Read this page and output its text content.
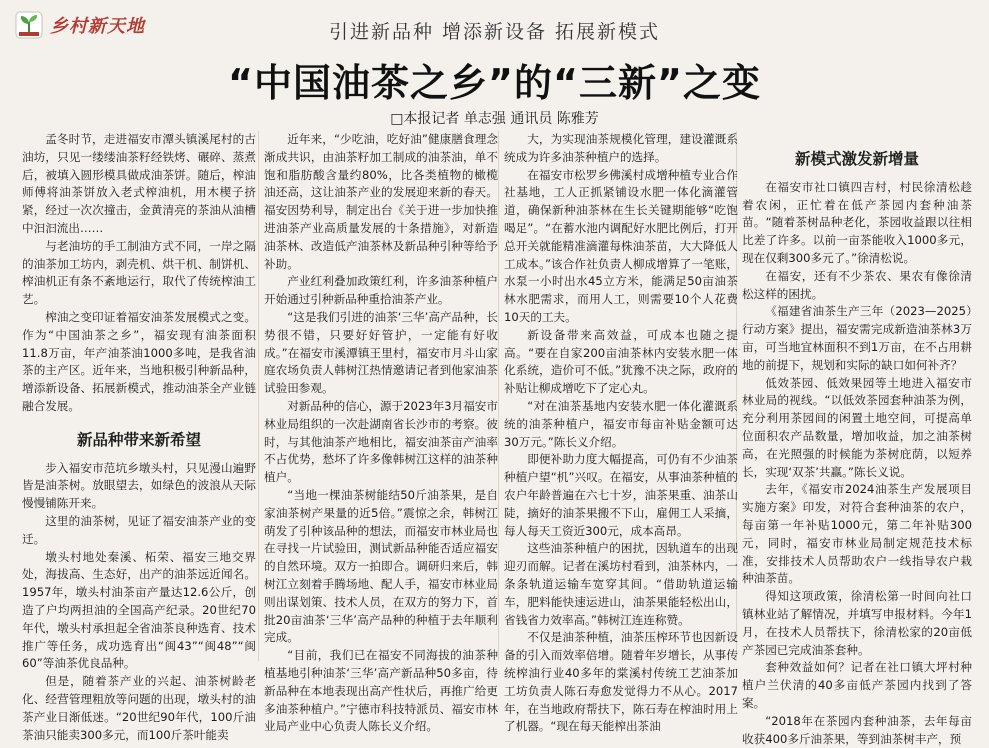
乡村新天地	引进新品种 增添新设备 拓展新模式
“中国油茶之乡”的“三新”之变
□本报记者 单志强 通讯员 陈雅芳

孟冬时节，走进福安市潭头镇溪尾村的古油坊，只见一缕缕油茶籽经铁烤、碾碎、蒸煮后，被填入圆形模具做成油茶饼。随后，榨油师傅将油茶饼放入老式榨油机，用木楔子挤紧，经过一次次撞击，金黄清亮的茶油从油槽中汩汩流出……

与老油坊的手工制油方式不同，一岸之隔的油茶加工坊内，剥壳机、烘干机、制饼机、榨油机正有条不紊地运行，取代了传统榨油工艺。

榨油之变印证着福安油茶发展模式之变。作为“中国油茶之乡”，福安现有油茶面积11.8万亩，年产油茶油1000多吨，是我省油茶的主产区。近年来，当地积极引种新品种，增添新设备、拓展新模式，推动油茶全产业链融合发展。

新品种带来新希望

步入福安市范坑乡墩头村，只见漫山遍野皆是油茶树。放眼望去，如绿色的波浪从天际慢慢铺陈开来。

这里的油茶树，见证了福安油茶产业的变迁。

墩头村地处秦溪、柘荣、福安三地交界处，海拔高、生态好，出产的油茶远近闻名。1957年，墩头村油茶亩产量达12.6公斤，创造了户均两担油的全国高产纪录。20世纪70年代，墩头村承担起全省油茶良种选育、技术推广等任务，成功选育出“闽43”“闽48”“闽60”等油茶优良品种。

但是，随着茶产业的兴起、油茶树龄老化、经营管理粗放等问题的出现，墩头村的油茶产业日渐低迷。“20世纪90年代，100斤油茶油只能卖300多元，而100斤茶叶能卖

近年来，“少吃油，吃好油”健康膳食理念渐成共识，由油茶籽加工制成的油茶油，单不饱和脂肪酸含量约80%，比各类植物的橄榄油还高，这让油茶产业的发展迎来新的春天。福安因势利导，制定出台《关于进一步加快推进油茶产业高质量发展的十条措施》，对新造油茶林、改造低产油茶林及新品种引种等给予补助。

产业红利叠加政策红利，许多油茶种植户开始通过引种新品种重拾油茶产业。

“这是我们引进的油茶‘三华’高产品种，长势很不错，只要好好管护，一定能有好收成。”在福安市溪潭镇王里村，福安市月斗山家庭农场负责人韩树江热情邀请记者到他家油茶试验田参观。

对新品种的信心，源于2023年3月福安市林业局组织的一次赴湖南省长沙市的考察。彼时，与其他油茶产地相比，福安油茶亩产油率不占优势，愁坏了许多像韩树江这样的油茶种植户。

“当地一棵油茶树能结50斤油茶果，是自家油茶树产果量的近5倍。”震惊之余，韩树江萌发了引种该品种的想法，而福安市林业局也在寻找一片试验田，测试新品种能否适应福安的自然环境。双方一拍即合。调研归来后，韩树江立刻着手腾场地、配人手，福安市林业局则出谋划策、技术人员，在双方的努力下，首批20亩油茶‘三华’高产品种的种植于去年顺利完成。

“目前，我们已在福安不同海拔的油茶种植基地引种油茶‘三华’高产新品种50多亩，待新品种在本地表现出高产性状后，再推广给更多油茶种植户。”宁德市科技特派员、福安市林业局产业中心负责人陈长义介绍。

大，为实现油茶规模化管理，建设灌溉系统成为许多油茶种植户的选择。

在福安市松罗乡佛溪村成增种植专业合作社基地，工人正抓紧铺设水肥一体化滴灌管道，确保新种油茶林在生长关键期能够“吃饱喝足”。“在蓄水池内调配好水肥比例后，打开总开关就能精准滴灌每株油茶苗，大大降低人工成本。”该合作社负责人柳成增算了一笔账，水泵一小时出水45立方米，能满足50亩油茶林水肥需求，而用人工，则需要10个人花费10天的工夫。

新设备带来高效益，可成本也随之提高。“要在自家200亩油茶林内安装水肥一体化系统，造价可不低。”犹豫不决之际，政府的补贴让柳成增吃下了定心丸。

“对在油茶基地内安装水肥一体化灌溉系统的油茶种植户，福安市每亩补贴金额可达30万元。”陈长义介绍。

即便补助力度大幅提高，可仍有不少油茶种植户望“机”兴叹。在福安，从事油茶种植的农户年龄普遍在六七十岁，油茶果重、油茶山陡，摘好的油茶果搬不下山，雇佣工人采摘，每人每天工资近300元，成本高昂。

这些油茶种植户的困扰，因轨道车的出现迎刃而解。记者在溪坊村看到，油茶林内，一条条轨道运输车宽穿其间。“借助轨道运输车，肥料能快速运进山，油茶果能轻松出山，省钱省力效率高。”韩树江连连称赞。

不仅是油茶种植，油茶压榨环节也因新设备的引入而效率倍增。随着年岁增长，从事传统榨油行业40多年的棠溪村传统工艺油茶加工坊负责人陈石寿愈发觉得力不从心。2017年，在当地政府帮扶下，陈石寿在榨油时用上了机器。“现在每天能榨出茶油

新模式激发新增量

在福安市社口镇四吉村，村民徐清松趁着农闲，正忙着在低产茶园内套种油茶苗。“随着茶树品种老化，茶园收益跟以往相比差了许多。以前一亩茶能收入1000多元，现在仅剩300多元了。”徐清松说。

在福安，还有不少茶农、果农有像徐清松这样的困扰。

《福建省油茶生产三年（2023—2025）行动方案》提出，福安需完成新造油茶林3万亩，可当地宜林面积不到1万亩，在不占用耕地的前提下，规划和实际的缺口如何补齐？

低效茶园、低效果园等土地进入福安市林业局的视线。“以低效茶园套种油茶为例，充分利用茶园间的闲置土地空间，可提高单位面积农产品数量，增加收益，加之油茶树高，在光照强的时候能为茶树庇荫，以短养长，实现‘双茶’共赢。”陈长义说。

去年，《福安市2024油茶生产发展项目实施方案》印发，对符合套种油茶的农户，每亩第一年补贴1000元，第二年补贴300元，同时，福安市林业局制定规范技术标准，安排技术人员帮助农户一线指导农户栽种油茶苗。

得知这项政策，徐清松第一时间向社口镇林业站了解情况，并填写申报材料。今年1月，在技术人员帮扶下，徐清松家的20亩低产茶园已完成油茶套种。

套种效益如何？记者在社口镇大坪村种植户兰伏清的40多亩低产茶园内找到了答案。

“2018年在茶园内套种油茶，去年每亩收获400多斤油茶果，等到油茶树丰产，预
